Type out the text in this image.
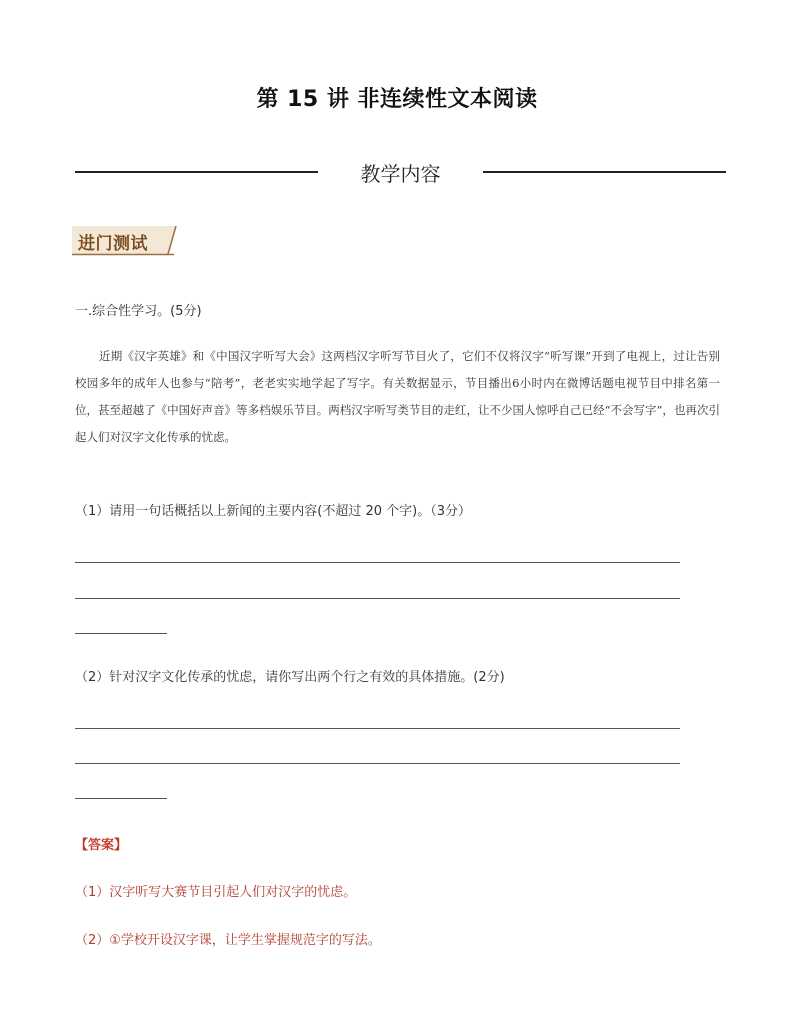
第 15 讲 非连续性文本阅读
教学内容
进门测试
一.综合性学习。(5分)
近期《汉字英雄》和《中国汉字听写大会》这两档汉字听写节目火了，它们不仅将汉字“听写课”开到了电视上，过让告别校园多年的成年人也参与“陪考”，老老实实地学起了写字。有关数据显示，节目播出6小时内在微博话题电视节目中排名第一位，甚至超越了《中国好声音》等多档娱乐节目。两档汉字听写类节目的走红，让不少国人惊呼自己已经“不会写字”，也再次引起人们对汉字文化传承的忧虑。
（1）请用一句话概括以上新闻的主要内容(不超过 20 个字)。（3分）
（2）针对汉字文化传承的忧虑，请你写出两个行之有效的具体措施。(2分)
【答案】
（1）汉字听写大赛节目引起人们对汉字的忧虑。
（2）①学校开设汉字课，让学生掌握规范字的写法。
